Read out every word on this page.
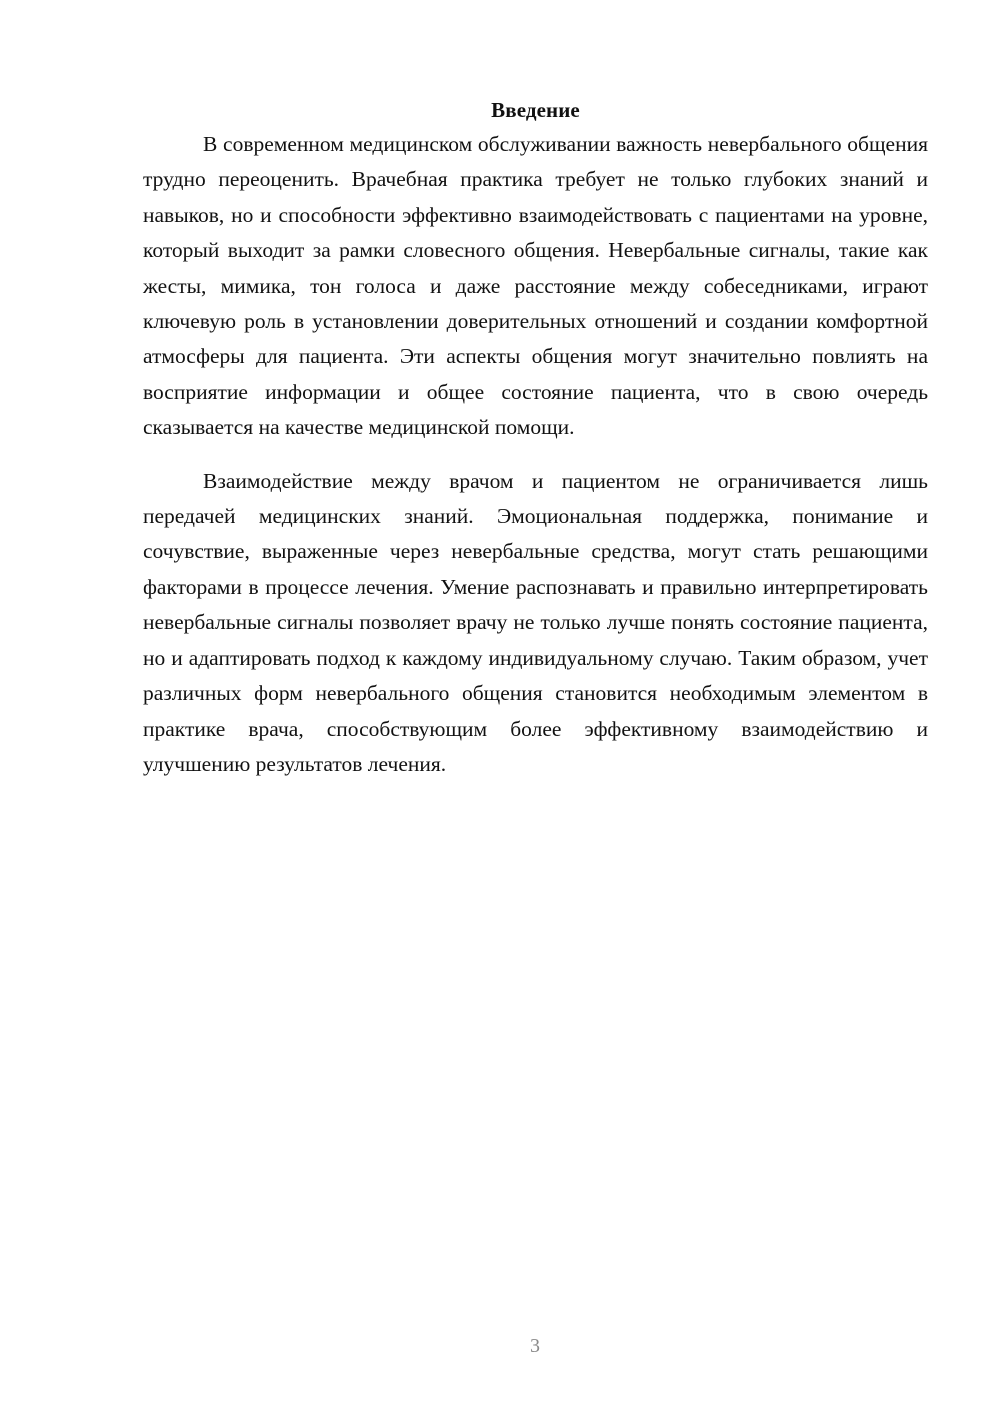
Введение

В современном медицинском обслуживании важность невербального общения трудно переоценить. Врачебная практика требует не только глубоких знаний и навыков, но и способности эффективно взаимодействовать с пациентами на уровне, который выходит за рамки словесного общения. Невербальные сигналы, такие как жесты, мимика, тон голоса и даже расстояние между собеседниками, играют ключевую роль в установлении доверительных отношений и создании комфортной атмосферы для пациента. Эти аспекты общения могут значительно повлиять на восприятие информации и общее состояние пациента, что в свою очередь сказывается на качестве медицинской помощи.

Взаимодействие между врачом и пациентом не ограничивается лишь передачей медицинских знаний. Эмоциональная поддержка, понимание и сочувствие, выраженные через невербальные средства, могут стать решающими факторами в процессе лечения. Умение распознавать и правильно интерпретировать невербальные сигналы позволяет врачу не только лучше понять состояние пациента, но и адаптировать подход к каждому индивидуальному случаю. Таким образом, учет различных форм невербального общения становится необходимым элементом в практике врача, способствующим более эффективному взаимодействию и улучшению результатов лечения.

3
